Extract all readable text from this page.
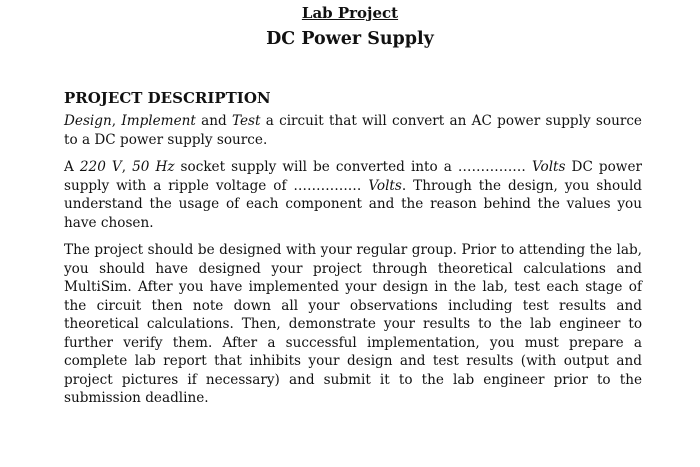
Lab Project

DC Power Supply

PROJECT DESCRIPTION

Design, Implement and Test a circuit that will convert an AC power supply source to a DC power supply source.

A 220 V, 50 Hz socket supply will be converted into a …………… Volts DC power supply with a ripple voltage of …………… Volts. Through the design, you should understand the usage of each component and the reason behind the values you have chosen.

The project should be designed with your regular group. Prior to attending the lab, you should have designed your project through theoretical calculations and MultiSim. After you have implemented your design in the lab, test each stage of the circuit then note down all your observations including test results and theoretical calculations. Then, demonstrate your results to the lab engineer to further verify them. After a successful implementation, you must prepare a complete lab report that inhibits your design and test results (with output and project pictures if necessary) and submit it to the lab engineer prior to the submission deadline.
